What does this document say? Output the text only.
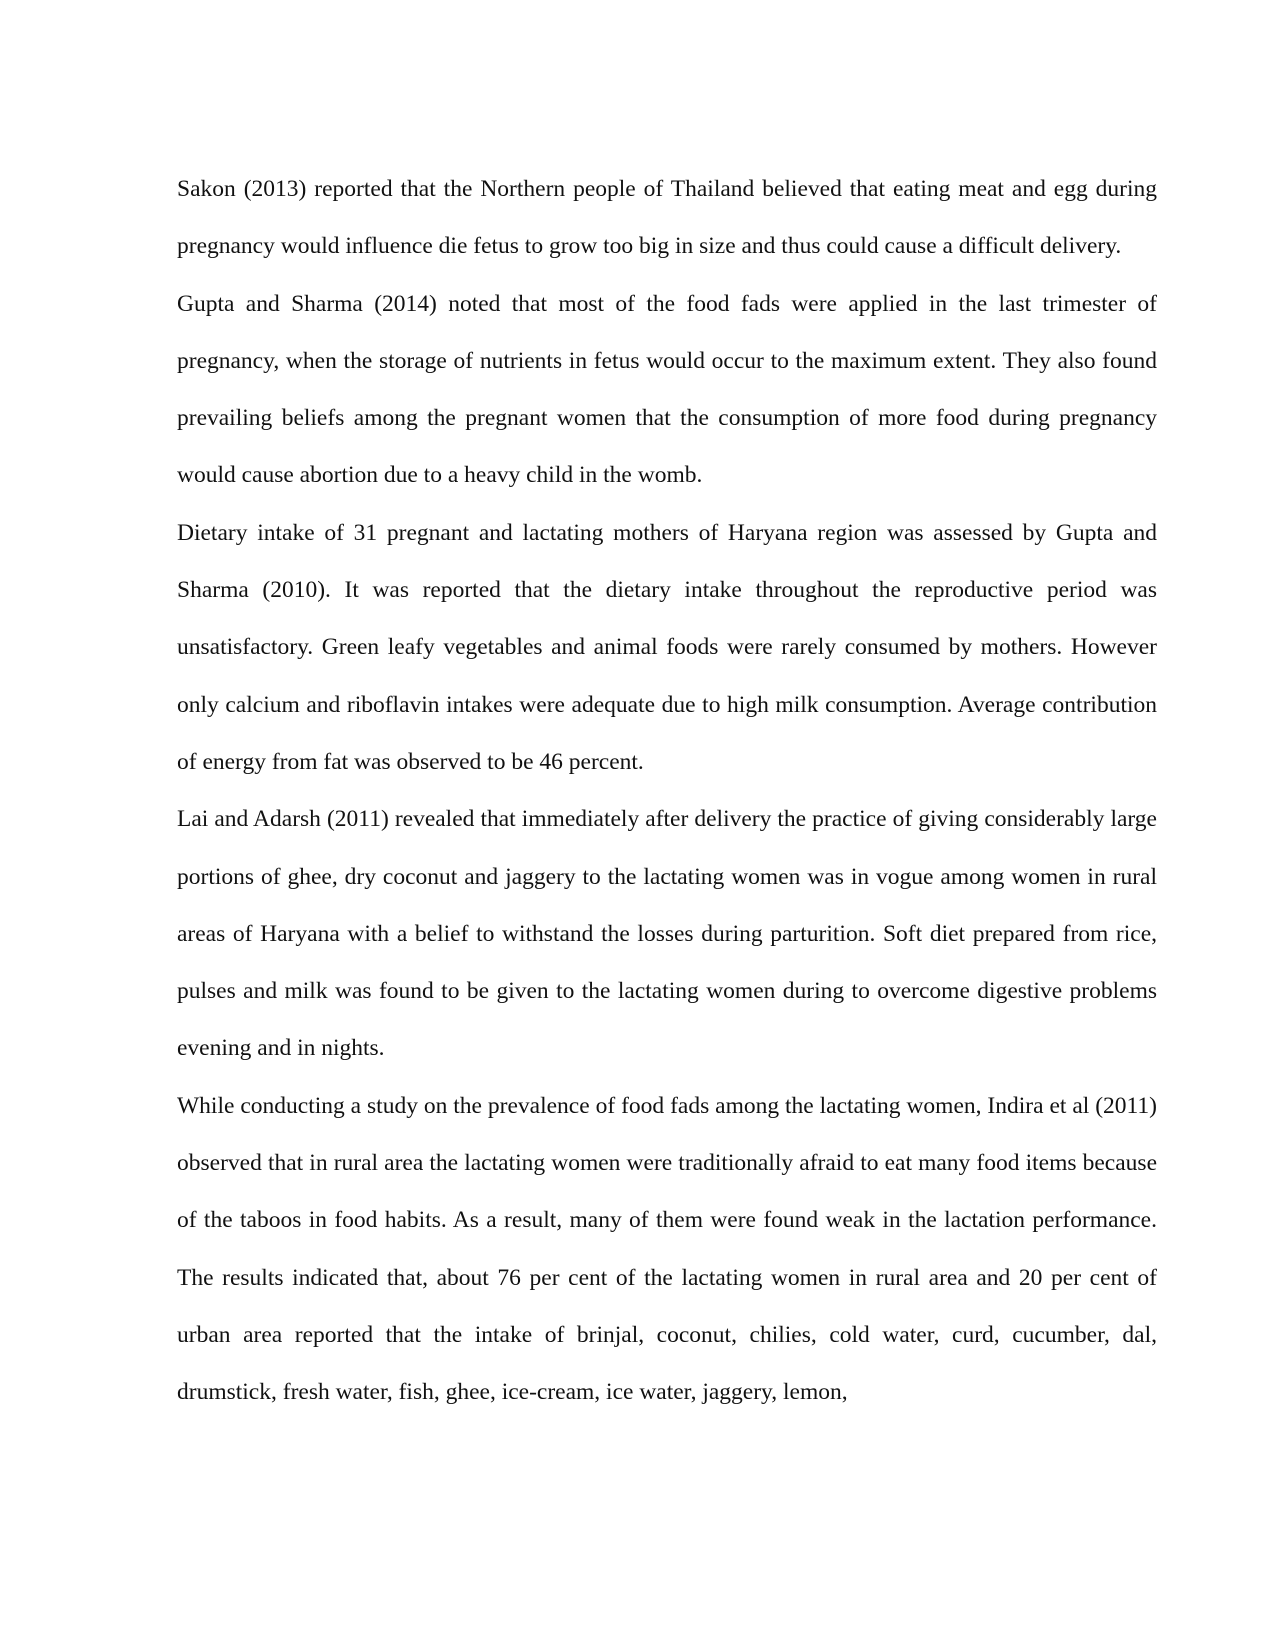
Sakon (2013) reported that the Northern people of Thailand believed that eating meat and egg during pregnancy would influence die fetus to grow too big in size and thus could cause a difficult delivery.

Gupta and Sharma (2014) noted that most of the food fads were applied in the last trimester of pregnancy, when the storage of nutrients in fetus would occur to the maximum extent. They also found prevailing beliefs among the pregnant women that the consumption of more food during pregnancy would cause abortion due to a heavy child in the womb.

Dietary intake of 31 pregnant and lactating mothers of Haryana region was assessed by Gupta and Sharma (2010). It was reported that the dietary intake throughout the reproductive period was unsatisfactory. Green leafy vegetables and animal foods were rarely consumed by mothers. However only calcium and riboflavin intakes were adequate due to high milk consumption. Average contribution of energy from fat was observed to be 46 percent.

Lai and Adarsh (2011) revealed that immediately after delivery the practice of giving considerably large portions of ghee, dry coconut and jaggery to the lactating women was in vogue among women in rural areas of Haryana with a belief to withstand the losses during parturition. Soft diet prepared from rice, pulses and milk was found to be given to the lactating women during to overcome digestive problems evening and in nights.

While conducting a study on the prevalence of food fads among the lactating women, Indira et al (2011) observed that in rural area the lactating women were traditionally afraid to eat many food items because of the taboos in food habits. As a result, many of them were found weak in the lactation performance. The results indicated that, about 76 per cent of the lactating women in rural area and 20 per cent of urban area reported that the intake of brinjal, coconut, chilies, cold water, curd, cucumber, dal, drumstick, fresh water, fish, ghee, ice-cream, ice water, jaggery, lemon,
